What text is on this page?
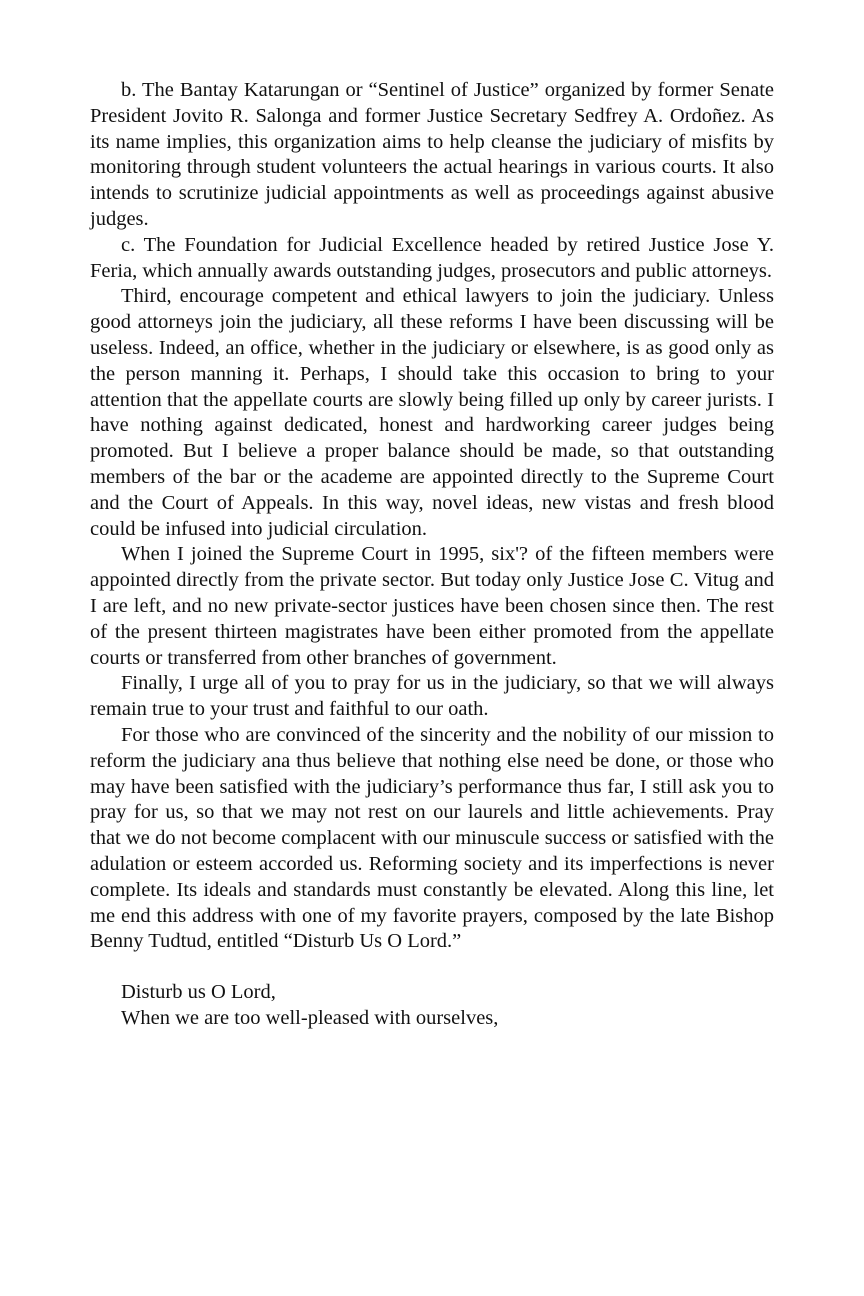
b. The Bantay Katarungan or “Sentinel of Justice” organized by former Senate President Jovito R. Salonga and former Justice Secretary Sedfrey A. Ordoñez. As its name implies, this organization aims to help cleanse the judiciary of misfits by monitoring through student volunteers the actual hearings in various courts. It also intends to scrutinize judicial appointments as well as proceedings against abusive judges.

c. The Foundation for Judicial Excellence headed by retired Justice Jose Y. Feria, which annually awards outstanding judges, prosecutors and public attorneys.

Third, encourage competent and ethical lawyers to join the judiciary. Unless good attorneys join the judiciary, all these reforms I have been discussing will be useless. Indeed, an office, whether in the judiciary or elsewhere, is as good only as the person manning it. Perhaps, I should take this occasion to bring to your attention that the appellate courts are slowly being filled up only by career jurists. I have nothing against dedicated, honest and hardworking career judges being promoted. But I believe a proper balance should be made, so that outstanding members of the bar or the academe are appointed directly to the Supreme Court and the Court of Appeals. In this way, novel ideas, new vistas and fresh blood could be infused into judicial circulation.

When I joined the Supreme Court in 1995, six'? of the fifteen members were appointed directly from the private sector. But today only Justice Jose C. Vitug and I are left, and no new private-sector justices have been chosen since then. The rest of the present thirteen magistrates have been either promoted from the appellate courts or transferred from other branches of government.

Finally, I urge all of you to pray for us in the judiciary, so that we will always remain true to your trust and faithful to our oath.

For those who are convinced of the sincerity and the nobility of our mission to reform the judiciary ana thus believe that nothing else need be done, or those who may have been satisfied with the judiciary’s performance thus far, I still ask you to pray for us, so that we may not rest on our laurels and little achievements. Pray that we do not become complacent with our minuscule success or satisfied with the adulation or esteem accorded us. Reforming society and its imperfections is never complete. Its ideals and standards must constantly be elevated. Along this line, let me end this address with one of my favorite prayers, composed by the late Bishop Benny Tudtud, entitled “Disturb Us O Lord.”

Disturb us O Lord,
When we are too well-pleased with ourselves,
